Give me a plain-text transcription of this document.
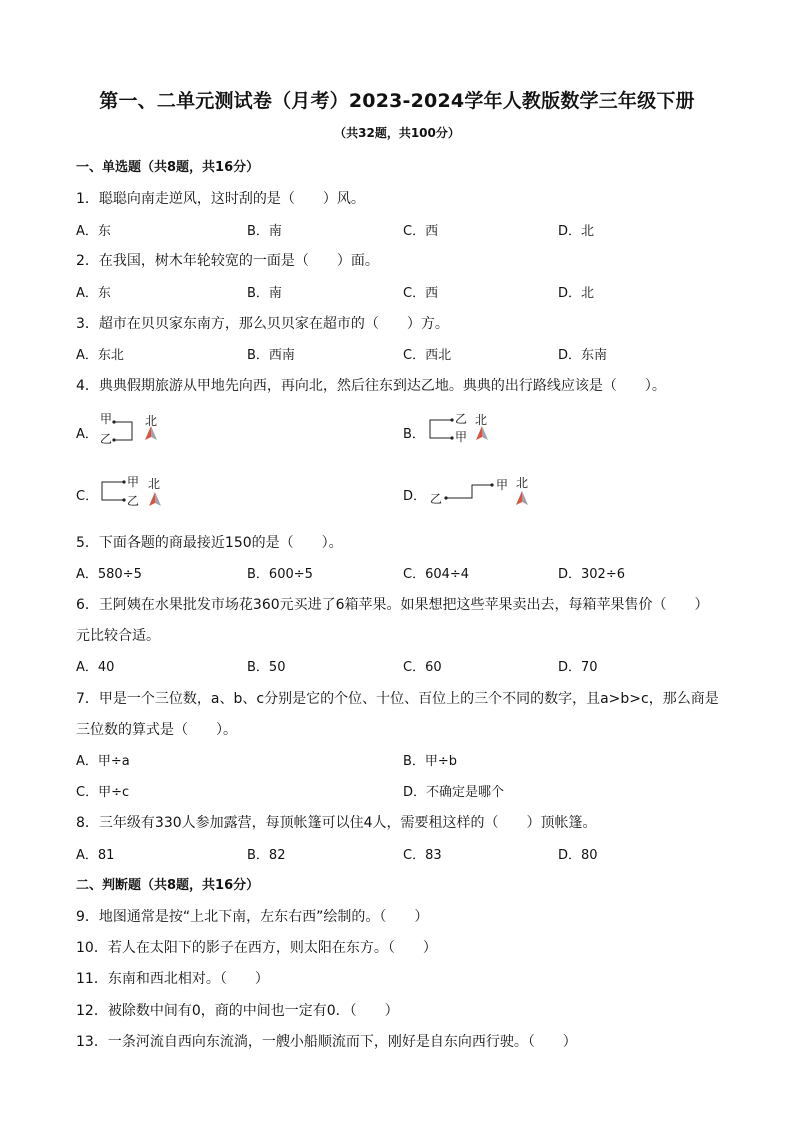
第一、二单元测试卷（月考）2023-2024学年人教版数学三年级下册
（共32题，共100分）
一、单选题（共8题，共16分）
1．聪聪向南走逆风，这时刮的是（　　）风。
A．东	B．南	C．西	D．北
2．在我国，树木年轮较宽的一面是（　　）面。
A．东	B．南	C．西	D．北
3．超市在贝贝家东南方，那么贝贝家在超市的（　　）方。
A．东北	B．西南	C．西北	D．东南
4．典典假期旅游从甲地先向西，再向北，然后往东到达乙地。典典的出行路线应该是（　　）。
A．
甲
乙
北
B．
乙
甲
北
C．
甲
乙
北
D． 乙
甲 北
5．下面各题的商最接近150的是（　　）。
A．580÷5	B．600÷5	C．604÷4	D．302÷6
6．王阿姨在水果批发市场花360元买进了6箱苹果。如果想把这些苹果卖出去，每箱苹果售价（　　）
元比较合适。
A．40	B．50	C．60	D．70
7．甲是一个三位数，a、b、c分别是它的个位、十位、百位上的三个不同的数字，且a>b>c，那么商是
三位数的算式是（　　）。
A．甲÷a	B．甲÷b
C．甲÷c	D．不确定是哪个
8．三年级有330人参加露营，每顶帐篷可以住4人，需要租这样的（　　）顶帐篷。
A．81	B．82	C．83	D．80
二、判断题（共8题，共16分）
9．地图通常是按“上北下南，左东右西”绘制的。（　　）
10．若人在太阳下的影子在西方，则太阳在东方。（　　）
11．东南和西北相对。（　　）
12．被除数中间有0，商的中间也一定有0．（　　）
13．一条河流自西向东流淌，一艘小船顺流而下，刚好是自东向西行驶。（　　）
